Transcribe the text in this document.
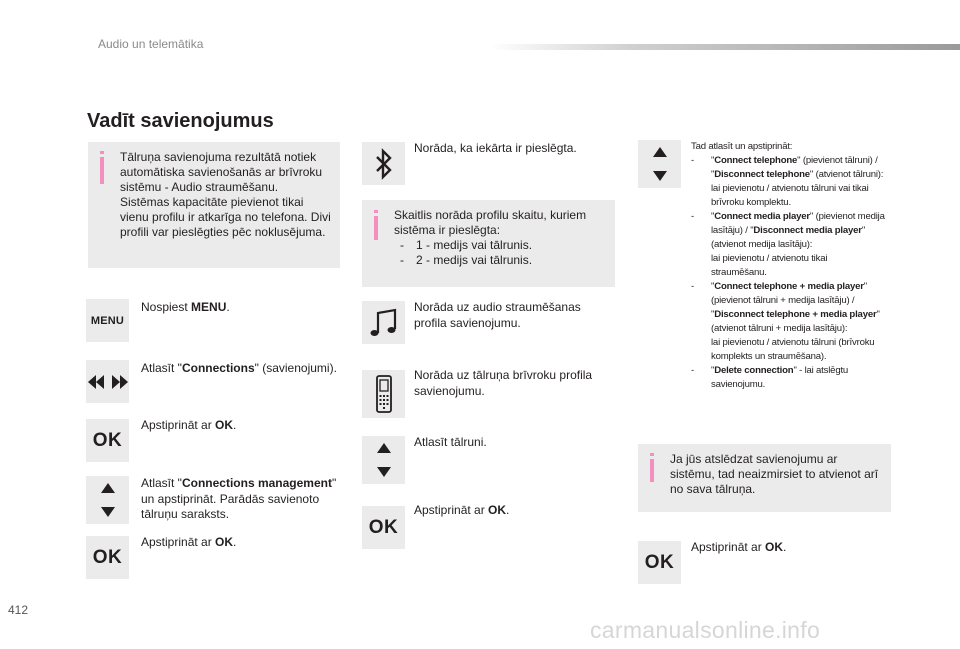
Audio un telemātika
Vadīt savienojumus
Tālruņa savienojuma rezultātā notiek
automātiska savienošanās ar brīvroku
sistēmu - Audio straumēšanu.
Sistēmas kapacitāte pievienot tikai
vienu profilu ir atkarīga no telefona. Divi
profili var pieslēgties pēc noklusējuma.
MENU
Nospiest MENU.
Atlasīt "Connections" (savienojumi).
OK
Apstiprināt ar OK.
Atlasīt "Connections management"
un apstiprināt. Parādās savienoto
tālruņu saraksts.
OK
Apstiprināt ar OK.
Norāda, ka iekārta ir pieslēgta.
Skaitlis norāda profilu skaitu, kuriem
sistēma ir pieslēgta:
-	1 - medijs vai tālrunis.
-	2 - medijs vai tālrunis.
Norāda uz audio straumēšanas
profila savienojumu.
Norāda uz tālruņa brīvroku profila
savienojumu.
Atlasīt tālruni.
OK
Apstiprināt ar OK.
Tad atlasīt un apstiprināt:
-	"Connect telephone" (pievienot tālruni) / "Disconnect telephone" (atvienot tālruni):
lai pievienotu / atvienotu tālruni vai tikai
brīvroku komplektu.
-	"Connect media player" (pievienot medija lasītāju) / "Disconnect media player" (atvienot medija lasītāju):
lai pievienotu / atvienotu tikai
straumēšanu.
-	"Connect telephone + media player" (pievienot tālruni + medija lasītāju) / "Disconnect telephone + media player" (atvienot tālruni + medija lasītāju):
lai pievienotu / atvienotu tālruni (brīvroku
komplekts un straumēšana).
-	"Delete connection" - lai atslēgtu savienojumu.
Ja jūs atslēdzat savienojumu ar
sistēmu, tad neaizmirsiet to atvienot arī
no sava tālruņa.
OK
Apstiprināt ar OK.
412
carmanualsonline.info
